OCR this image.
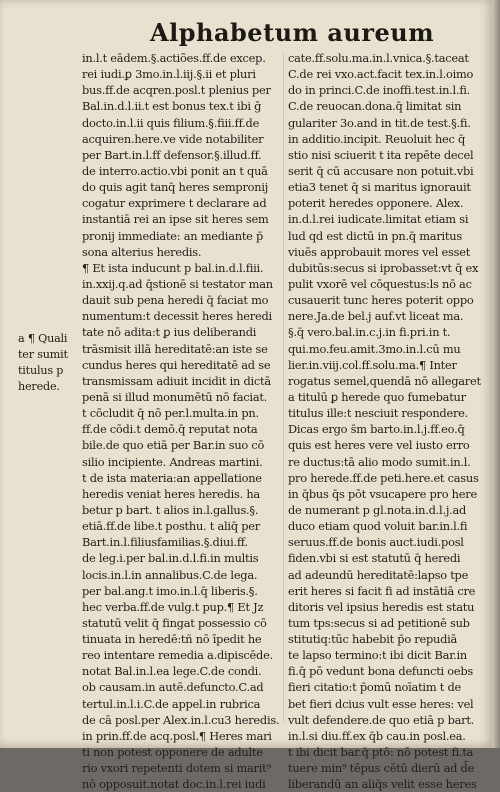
Alphabetum aureum
a ¶ Quali
ter sumit
titulus p
herede.
in.l.t eādem.§.actiões.ff.de excep.
rei iudi.ꝑ 3mo.in.l.iij.§.ii et pluri
bus.ff.de acqren.posl.t plenius per
Bal.in.d.l.ii.t est bonus tex.t ibi ḡ
docto.in.l.ii quis filium.§.fiii.ff.de
acquiren.here.ve vide notabiliter
per Bart.in.l.ff defensor.§.illud.ff.
de interro.actio.vbi ponit an t quā
do quis agit tanq̄ heres sempronij
cogatur exprimere t declarare ad
instantiā rei an ipse sit heres sem
pronij immediate: an mediante p̄
sona alterius heredis.
¶ Et ista inducunt p bal.in.d.l.fiii.
in.xxij.q.ad q̄stionē si testator man
dauit sub pena heredi q̄ faciat mo
numentum:t decessit heres heredi
tate nō adita:t ꝑ ius deliberandi
trāsmisit illā hereditatē:an iste se
cundus heres qui hereditatē ad se
transmissam adiuit incidit in dictā
penā si illud monumētū nō faciat.
t cōcludit q̄ nō per.l.multa.in pn.
ff.de cōdi.t demō.q̄ reputat nota
bile.de quo etiā per Bar.in suo cō
silio incipiente. Andreas martini.
t de ista materia:an appellatione
heredis veniat heres heredis. ha
betur p bart. t alios in.l.gallus.§.
etiā.ff.de libe.t posthu. t aliq̄ per
Bart.in.l.filiusfamilias.§.diui.ff.
de leg.i.per bal.in.d.l.fi.in multis
locis.in.l.in annalibus.C.de lega.
per bal.ang.t imo.in.l.q̄ liberis.§.
hec verba.ff.de vulg.t pup.¶ Et Jz
statutū velit q̄ fingat possessio cō
tinuata in heredē:tñ nō īpedit he
reo intentare remedia a.dipiscēde.
notat Bal.in.l.ea lege.C.de condi.
ob causam.in autē.defuncto.C.ad
tertul.in.l.i.C.de appel.in rubrica
de cā posl.per Alex.in.l.cu3 heredis.
in prin.ff.de acq.posl.¶ Heres mari
ti non potest opponere de adulte
rio vxori repetenti dotem si marit⁹
nō opposuit.notat doc.in.l.rei iudi
cate.ff.solu.ma.in.l.vnica.§.taceat
C.de rei vxo.act.facit tex.in.l.oimo
do in princi.C.de inoffi.test.in.l.fi.
C.de reuocan.dona.q̄ limitat sin
gulariter 3o.and in tit.de test.§.fi.
in additio.incipit. Reuoluit hec q̄
stio nisi sciuerit t ita repēte decel
serit q̄ cū accusare non potuit.vbi
etia3 tenet q̄ si maritus ignorauit
poterit heredes opponere. Alex.
in.d.l.rei iudicate.limitat etiam si
lud qd est dictū in pn.q̄ maritus
viuēs approbauit mores vel esset
dubitūs:secus si iprobasset:vt q̄ ex
pulit vxorē vel cōquestus:ls nō ac
cusauerit tunc heres poterit oppo
nere.Ja.de bel.j auf.vt liceat ma.
§.q̄ vero.bal.in.c.j.in fi.pri.in t.
qui.mo.feu.amit.3mo.in.l.cū mu
lier.in.viij.col.ff.solu.ma.¶ Inter
rogatus semel,quendā nō allegaret
a titulū ꝑ herede quo fumebatur
titulus ille:t nesciuit respondere.
Dicas ergo s̄m barto.in.l.j.ff.eo.q̄
quis est heres vere vel iusto erro
re ductus:tā alio modo sumit.in.l.
pro herede.ff.de peti.here.et casus
in q̄bus q̄s pōt vsucapere pro here
de numerant p gl.nota.in.d.l.j.ad
duco etiam quod voluit bar.in.l.fi
seruus.ff.de bonis auct.iudi.posl
fiden.vbi si est statutū q̄ heredi
ad adeundū hereditatē:lapso tpe
erit heres si facit fi ad instātiā cre
ditoris vel ipsius heredis est statu
tum tps:secus si ad petitionē sub
stitutiq:tūc habebit p̄o repudiā
te lapso termino:t ibi dicit Bar.in
fi.q̄ pō vedunt bona defuncti oebs
fieri citatio:t p̄omū noīatim t de
bet fieri dcius vult esse heres: vel
vult defendere.de quo etiā p bart.
in.l.si diu.ff.ex q̄b cau.in posl.ea.
t ibi dicit bar.q̄ ptō: nō potest fi.ta
tuere min⁹ tēpus cētū dierū ad d̄e
liberandū an aliq̄s velit esse heres
